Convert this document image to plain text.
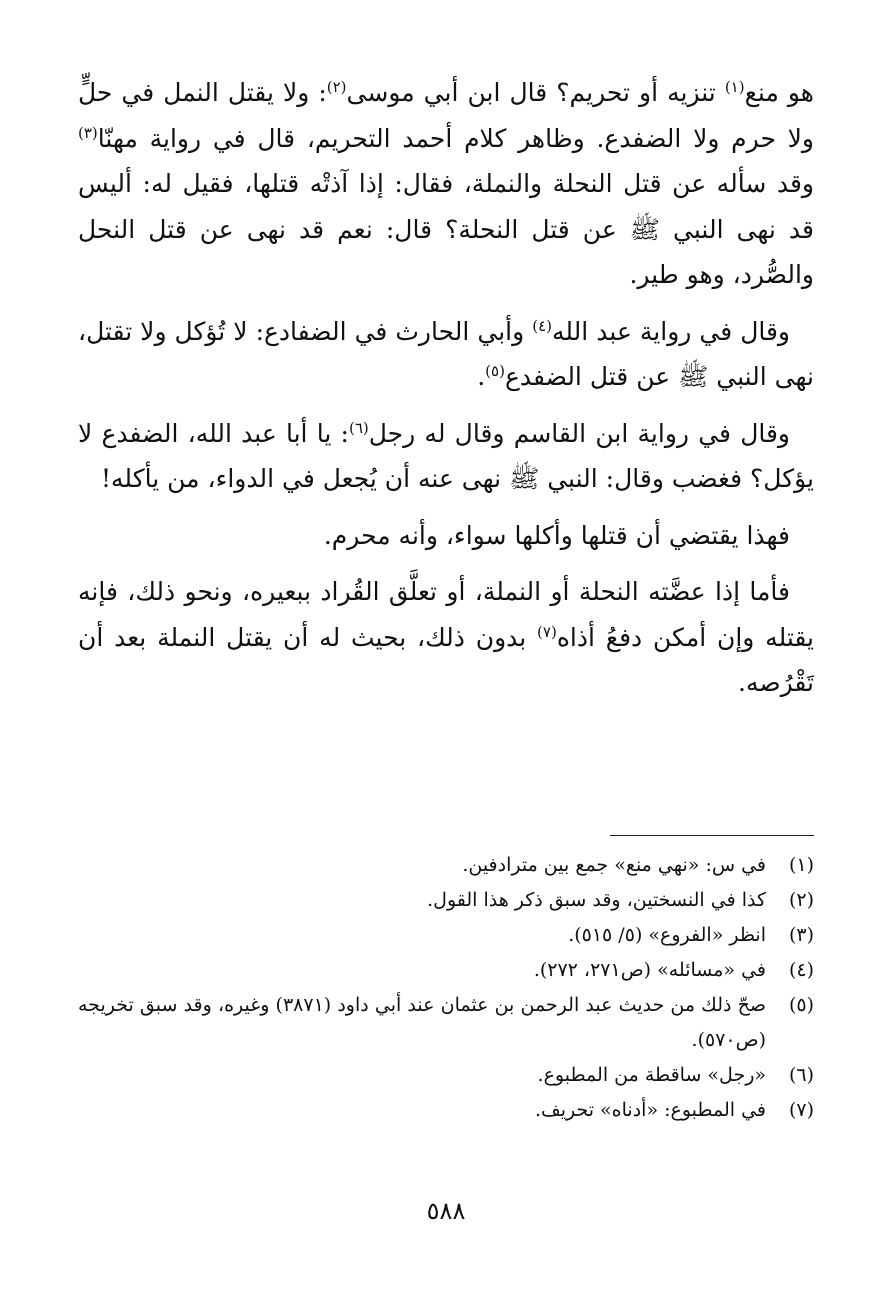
هو منع$^{(١)}$ تنزيه أو تحريم؟ قال ابن أبي موسى$^{(٢)}$: ولا يقتل النمل في حلٍّ ولا حرم ولا الضفدع. وظاهر كلام أحمد التحريم، قال في رواية مهنّا$^{(٣)}$ وقد سأله عن قتل النحلة والنملة، فقال: إذا آذتْه قتلها، فقيل له: أليس قد نهى النبي ﷺ عن قتل النحلة؟ قال: نعم قد نهى عن قتل النحل والصُّرد، وهو طير.

وقال في رواية عبد الله$^{(٤)}$ وأبي الحارث في الضفادع: لا تُؤكل ولا تقتل، نهى النبي ﷺ عن قتل الضفدع$^{(٥)}$.

وقال في رواية ابن القاسم وقال له رجل$^{(٦)}$: يا أبا عبد الله، الضفدع لا يؤكل؟ فغضب وقال: النبي ﷺ نهى عنه أن يُجعل في الدواء، من يأكله!

فهذا يقتضي أن قتلها وأكلها سواء، وأنه محرم.

فأما إذا عضَّته النحلة أو النملة، أو تعلَّق القُراد ببعيره، ونحو ذلك، فإنه يقتله وإن أمكن دفعُ أذاه$^{(٧)}$ بدون ذلك، بحيث له أن يقتل النملة بعد أن تَقْرُصه.

(١)
في س: «نهي منع» جمع بين مترادفين.
(٢)
كذا في النسختين، وقد سبق ذكر هذا القول.
(٣)
انظر «الفروع» (٥/ ٥١٥).
(٤)
في «مسائله» (ص٢٧١، ٢٧٢).
(٥)
صحّ ذلك من حديث عبد الرحمن بن عثمان عند أبي داود (٣٨٧١) وغيره، وقد سبق تخريجه (ص٥٧٠).
(٦)
«رجل» ساقطة من المطبوع.
(٧)
في المطبوع: «أدناه» تحريف.
٥٨٨
